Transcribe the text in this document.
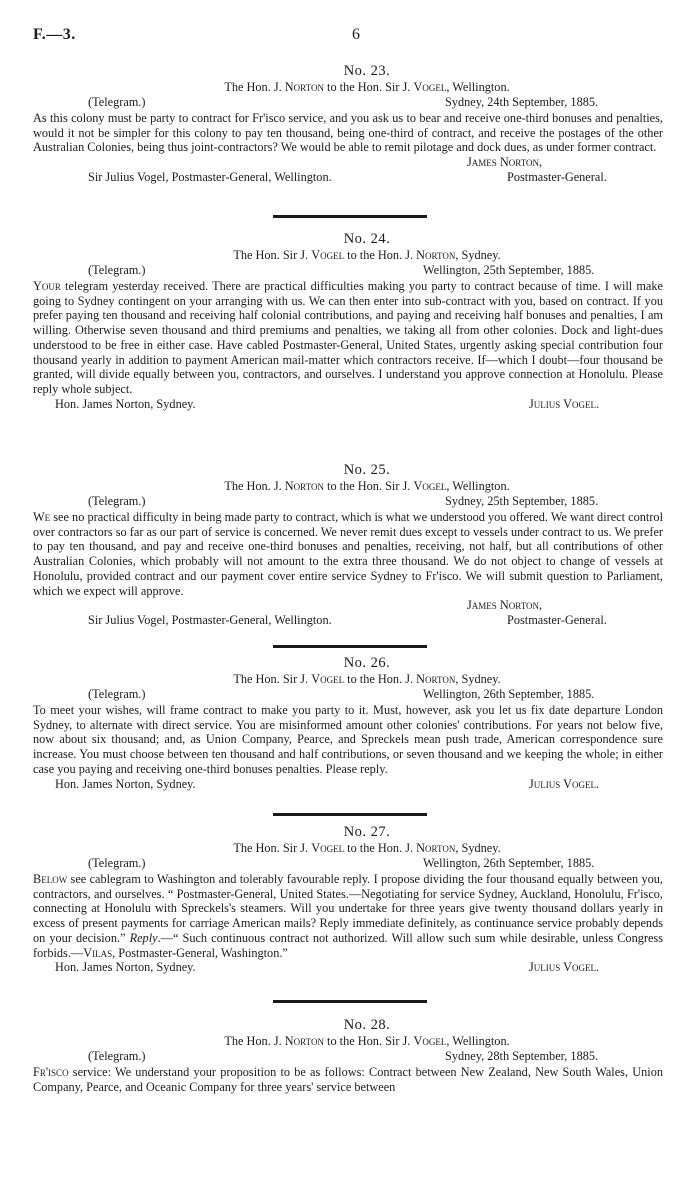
F.—3.	6
No. 23.
The Hon. J. Norton to the Hon. Sir J. Vogel, Wellington.
(Telegram.)	Sydney, 24th September, 1885.
As this colony must be party to contract for Fr'isco service, and you ask us to bear and receive one-third bonuses and penalties, would it not be simpler for this colony to pay ten thousand, being one-third of contract, and receive the postages of the other Australian Colonies, being thus joint-contractors? We would be able to remit pilotage and dock dues, as under former contract.
James Norton,
Sir Julius Vogel, Postmaster-General, Wellington.	Postmaster-General.
No. 24.
The Hon. Sir J. Vogel to the Hon. J. Norton, Sydney.
(Telegram.)	Wellington, 25th September, 1885.
Your telegram yesterday received. There are practical difficulties making you party to contract because of time. I will make going to Sydney contingent on your arranging with us. We can then enter into sub-contract with you, based on contract. If you prefer paying ten thousand and receiving half colonial contributions, and paying and receiving half bonuses and penalties, I am willing. Otherwise seven thousand and third premiums and penalties, we taking all from other colonies. Dock and light-dues understood to be free in either case. Have cabled Postmaster-General, United States, urgently asking special contribution four thousand yearly in addition to payment American mail-matter which contractors receive. If—which I doubt—four thousand be granted, will divide equally between you, contractors, and ourselves. I understand you approve connection at Honolulu. Please reply whole subject.
Hon. James Norton, Sydney.	Julius Vogel.
No. 25.
The Hon. J. Norton to the Hon. Sir J. Vogel, Wellington.
(Telegram.)	Sydney, 25th September, 1885.
We see no practical difficulty in being made party to contract, which is what we understood you offered. We want direct control over contractors so far as our part of service is concerned. We never remit dues except to vessels under contract to us. We prefer to pay ten thousand, and pay and receive one-third bonuses and penalties, receiving, not half, but all contributions of other Australian Colonies, which probably will not amount to the extra three thousand. We do not object to change of vessels at Honolulu, provided contract and our payment cover entire service Sydney to Fr'isco. We will submit question to Parliament, which we expect will approve.
James Norton,
Sir Julius Vogel, Postmaster-General, Wellington.	Postmaster-General.
No. 26.
The Hon. Sir J. Vogel to the Hon. J. Norton, Sydney.
(Telegram.)	Wellington, 26th September, 1885.
To meet your wishes, will frame contract to make you party to it. Must, however, ask you let us fix date departure London Sydney, to alternate with direct service. You are misinformed amount other colonies' contributions. For years not below five, now about six thousand; and, as Union Company, Pearce, and Spreckels mean push trade, American correspondence sure increase. You must choose between ten thousand and half contributions, or seven thousand and we keeping the whole; in either case you paying and receiving one-third bonuses penalties. Please reply.
Hon. James Norton, Sydney.	Julius Vogel.
No. 27.
The Hon. Sir J. Vogel to the Hon. J. Norton, Sydney.
(Telegram.)	Wellington, 26th September, 1885.
Below see cablegram to Washington and tolerably favourable reply. I propose dividing the four thousand equally between you, contractors, and ourselves. “ Postmaster-General, United States.—Negotiating for service Sydney, Auckland, Honolulu, Fr'isco, connecting at Honolulu with Spreckels's steamers. Will you undertake for three years give twenty thousand dollars yearly in excess of present payments for carriage American mails? Reply immediate definitely, as continuance service probably depends on your decision.” Reply.—“ Such continuous contract not authorized. Will allow such sum while desirable, unless Congress forbids.—Vilas, Postmaster-General, Washington.”
Hon. James Norton, Sydney.	Julius Vogel.
No. 28.
The Hon. J. Norton to the Hon. Sir J. Vogel, Wellington.
(Telegram.)	Sydney, 28th September, 1885.
Fr'isco service: We understand your proposition to be as follows: Contract between New Zealand, New South Wales, Union Company, Pearce, and Oceanic Company for three years' service between
